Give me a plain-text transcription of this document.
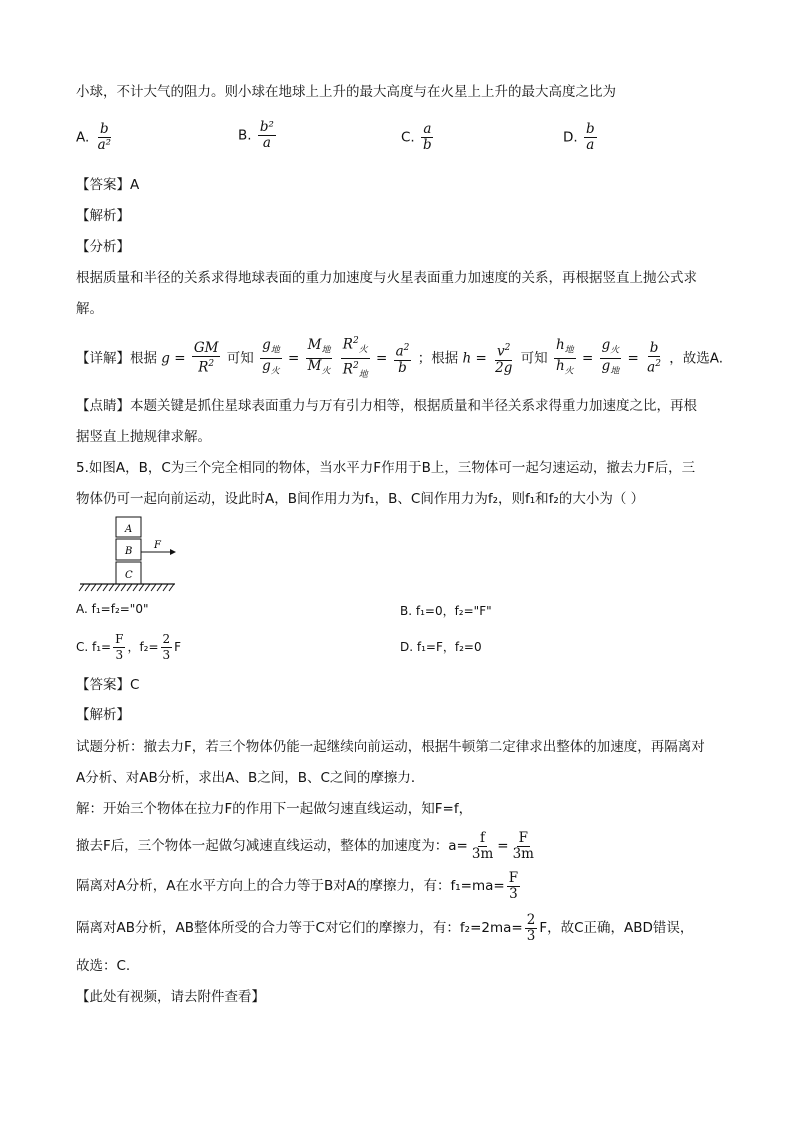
小球，不计大气的阻力。则小球在地球上上升的最大高度与在火星上上升的最大高度之比为
A. $\frac{b}{\text{a²}}$	B. $\frac{\text{b²}}{a}$	C. $\frac{a}{b}$	D. $\frac{b}{a}$
【答案】A
【解析】
【分析】
根据质量和半径的关系求得地球表面的重力加速度与火星表面重力加速度的关系，再根据竖直上抛公式求
解。
【详解】根据 $g = \frac{GM}{R^2}$ 可知 $\frac{g_地}{g_火} = \frac{M_地}{M_火}$
$\frac{R^2_火}{R^2_地} = \frac{a^2}{b}$ ；根据 $h = \frac{v^2}{2g}$ 可知 $\frac{h_地}{h_火} = \frac{g_火}{g_地} = \frac{b}{a^2}$ ，故选A.
【点睛】本题关键是抓住星球表面重力与万有引力相等，根据质量和半径关系求得重力加速度之比，再根
据竖直上抛规律求解。
5.如图A，B，C为三个完全相同的物体，当水平力F作用于B上，三物体可一起匀速运动，撤去力F后，三
物体仍可一起向前运动，设此时A，B间作用力为f₁，B、C间作用力为f₂，则f₁和f₂的大小为（ ）
A
B
C
F
A. f₁=f₂="0"	B. f₁=0，f₂="F"
C. $f_1= \frac{F}{3}$ ，$f_2= \frac{2}{3}$ F	D. f₁=F，f₂=0
【答案】C
【解析】
试题分析：撤去力F，若三个物体仍能一起继续向前运动，根据牛顿第二定律求出整体的加速度，再隔离对
A分析、对AB分析，求出A、B之间，B、C之间的摩擦力．
解：开始三个物体在拉力F的作用下一起做匀速直线运动，知F=f，
撤去F后，三个物体一起做匀减速直线运动，整体的加速度为：$a= \frac{f}{3m} = \frac{F}{3m}$
隔离对A分析，A在水平方向上的合力等于B对A的摩擦力，有：$f_1=ma= \frac{F}{3}$
隔离对AB分析，AB整体所受的合力等于C对它们的摩擦力，有：$f_2=2ma= \frac{2}{3}$ F，故C正确，ABD错误，
故选：C.
【此处有视频，请去附件查看】
